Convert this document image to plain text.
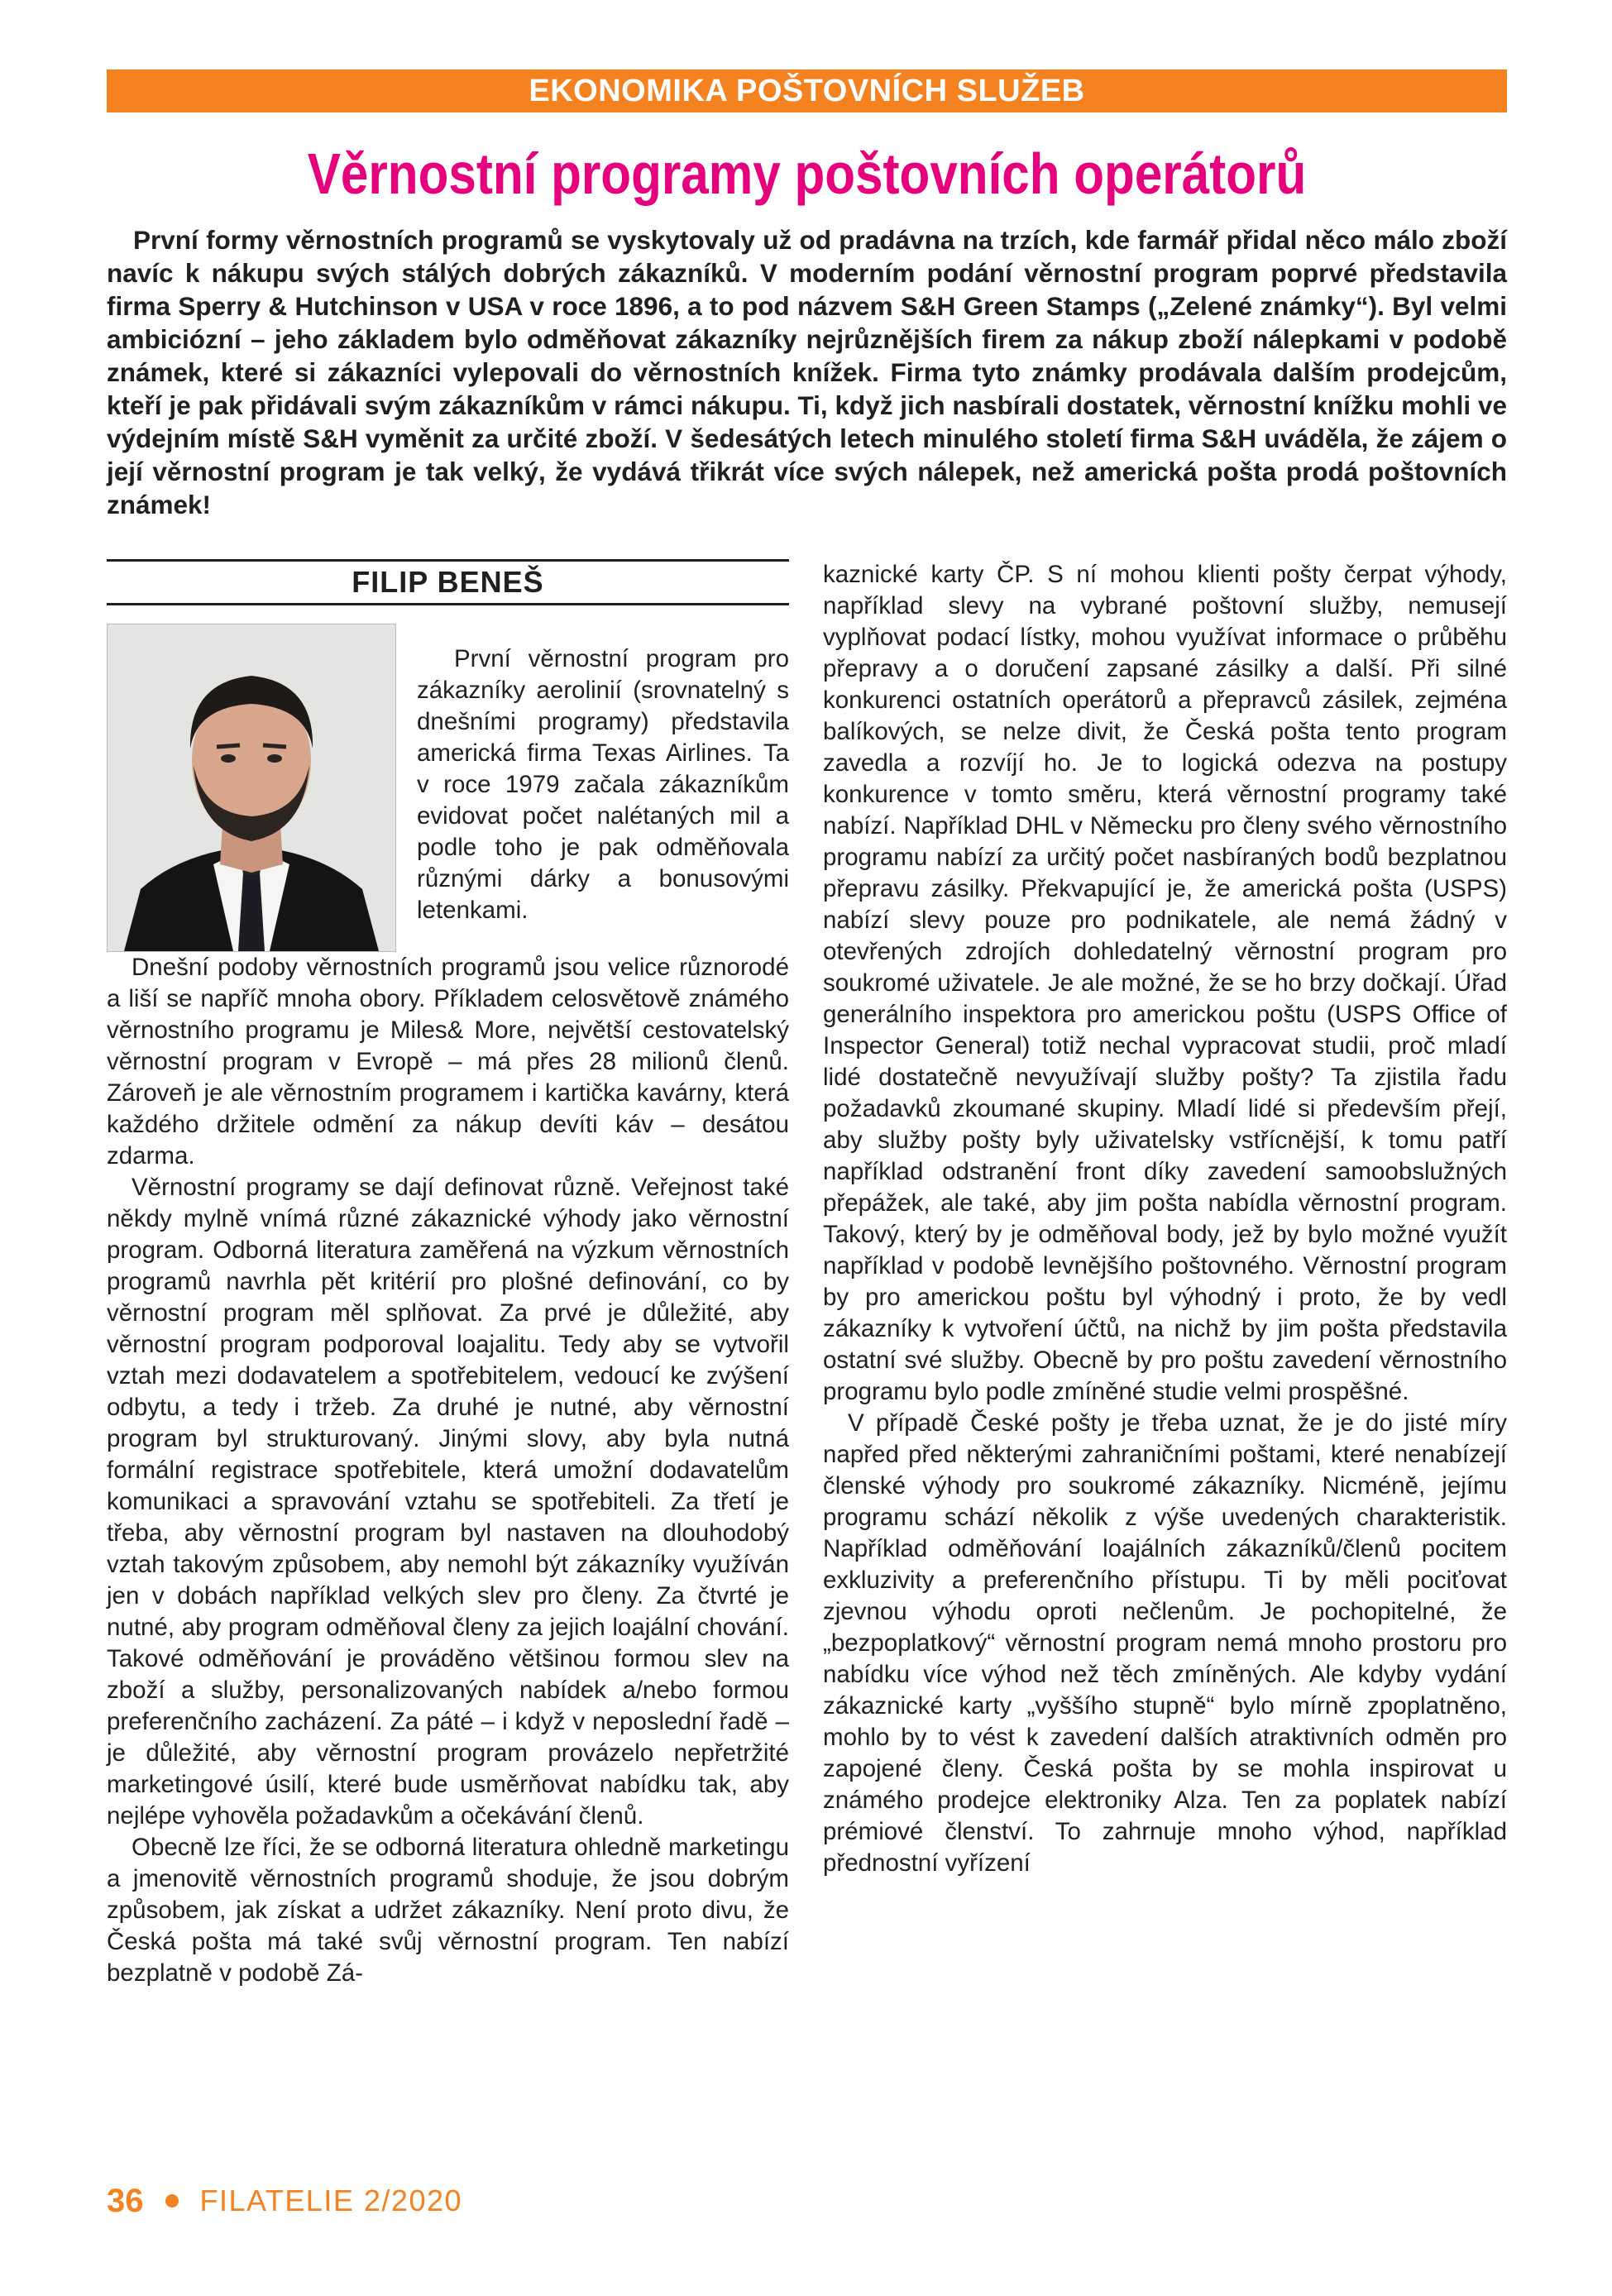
EKONOMIKA POŠTOVNÍCH SLUŽEB
Věrnostní programy poštovních operátorů

První formy věrnostních programů se vyskytovaly už od pradávna na trzích, kde farmář přidal něco málo zboží navíc k nákupu svých stálých dobrých zákazníků. V moderním podání věrnostní program poprvé představila firma Sperry & Hutchinson v USA v roce 1896, a to pod názvem S&H Green Stamps („Zelené známky“). Byl velmi ambiciózní – jeho základem bylo odměňovat zákazníky nejrůznějších firem za nákup zboží nálepkami v podobě známek, které si zákazníci vylepovali do věrnostních knížek. Firma tyto známky prodávala dalším prodejcům, kteří je pak přidávali svým zákazníkům v rámci nákupu. Ti, když jich nasbírali dostatek, věrnostní knížku mohli ve výdejním místě S&H vyměnit za určité zboží. V šedesátých letech minulého století firma S&H uváděla, že zájem o její věrnostní program je tak velký, že vydává třikrát více svých nálepek, než americká pošta prodá poštovních známek!

FILIP BENEŠ

První věrnostní program pro zákazníky aerolinií (srovnatelný s dnešními programy) představila americká firma Texas Airlines. Ta v roce 1979 začala zákazníkům evidovat počet nalétaných mil a podle toho je pak odměňovala různými dárky a bonusovými letenkami.

Dnešní podoby věrnostních programů jsou velice různorodé a liší se napříč mnoha obory. Příkladem celosvětově známého věrnostního programu je Miles& More, největší cestovatelský věrnostní program v Evropě – má přes 28 milionů členů. Zároveň je ale věrnostním programem i kartička kavárny, která každého držitele odmění za nákup devíti káv – desátou zdarma.

Věrnostní programy se dají definovat různě. Veřejnost také někdy mylně vnímá různé zákaznické výhody jako věrnostní program. Odborná literatura zaměřená na výzkum věrnostních programů navrhla pět kritérií pro plošné definování, co by věrnostní program měl splňovat. Za prvé je důležité, aby věrnostní program podporoval loajalitu. Tedy aby se vytvořil vztah mezi dodavatelem a spotřebitelem, vedoucí ke zvýšení odbytu, a tedy i tržeb. Za druhé je nutné, aby věrnostní program byl strukturovaný. Jinými slovy, aby byla nutná formální registrace spotřebitele, která umožní dodavatelům komunikaci a spravování vztahu se spotřebiteli. Za třetí je třeba, aby věrnostní program byl nastaven na dlouhodobý vztah takovým způsobem, aby nemohl být zákazníky využíván jen v dobách například velkých slev pro členy. Za čtvrté je nutné, aby program odměňoval členy za jejich loajální chování. Takové odměňování je prováděno většinou formou slev na zboží a služby, personalizovaných nabídek a/nebo formou preferenčního zacházení. Za páté – i když v neposlední řadě – je důležité, aby věrnostní program provázelo nepřetržité marketingové úsilí, které bude usměrňovat nabídku tak, aby nejlépe vyhověla požadavkům a očekávání členů.

Obecně lze říci, že se odborná literatura ohledně marketingu a jmenovitě věrnostních programů shoduje, že jsou dobrým způsobem, jak získat a udržet zákazníky. Není proto divu, že Česká pošta má také svůj věrnostní program. Ten nabízí bezplatně v podobě Zá-

kaznické karty ČP. S ní mohou klienti pošty čerpat výhody, například slevy na vybrané poštovní služby, nemusejí vyplňovat podací lístky, mohou využívat informace o průběhu přepravy a o doručení zapsané zásilky a další. Při silné konkurenci ostatních operátorů a přepravců zásilek, zejména balíkových, se nelze divit, že Česká pošta tento program zavedla a rozvíjí ho. Je to logická odezva na postupy konkurence v tomto směru, která věrnostní programy také nabízí. Například DHL v Německu pro členy svého věrnostního programu nabízí za určitý počet nasbíraných bodů bezplatnou přepravu zásilky. Překvapující je, že americká pošta (USPS) nabízí slevy pouze pro podnikatele, ale nemá žádný v otevřených zdrojích dohledatelný věrnostní program pro soukromé uživatele. Je ale možné, že se ho brzy dočkají. Úřad generálního inspektora pro americkou poštu (USPS Office of Inspector General) totiž nechal vypracovat studii, proč mladí lidé dostatečně nevyužívají služby pošty? Ta zjistila řadu požadavků zkoumané skupiny. Mladí lidé si především přejí, aby služby pošty byly uživatelsky vstřícnější, k tomu patří například odstranění front díky zavedení samoobslužných přepážek, ale také, aby jim pošta nabídla věrnostní program. Takový, který by je odměňoval body, jež by bylo možné využít například v podobě levnějšího poštovného. Věrnostní program by pro americkou poštu byl výhodný i proto, že by vedl zákazníky k vytvoření účtů, na nichž by jim pošta představila ostatní své služby. Obecně by pro poštu zavedení věrnostního programu bylo podle zmíněné studie velmi prospěšné.

V případě České pošty je třeba uznat, že je do jisté míry napřed před některými zahraničními poštami, které nenabízejí členské výhody pro soukromé zákazníky. Nicméně, jejímu programu schází několik z výše uvedených charakteristik. Například odměňování loajálních zákazníků/členů pocitem exkluzivity a preferenčního přístupu. Ti by měli pociťovat zjevnou výhodu oproti nečlenům. Je pochopitelné, že „bezpoplatkový“ věrnostní program nemá mnoho prostoru pro nabídku více výhod než těch zmíněných. Ale kdyby vydání zákaznické karty „vyššího stupně“ bylo mírně zpoplatněno, mohlo by to vést k zavedení dalších atraktivních odměn pro zapojené členy. Česká pošta by se mohla inspirovat u známého prodejce elektroniky Alza. Ten za poplatek nabízí prémiové členství. To zahrnuje mnoho výhod, například přednostní vyřízení

36 FILATELIE 2/2020
